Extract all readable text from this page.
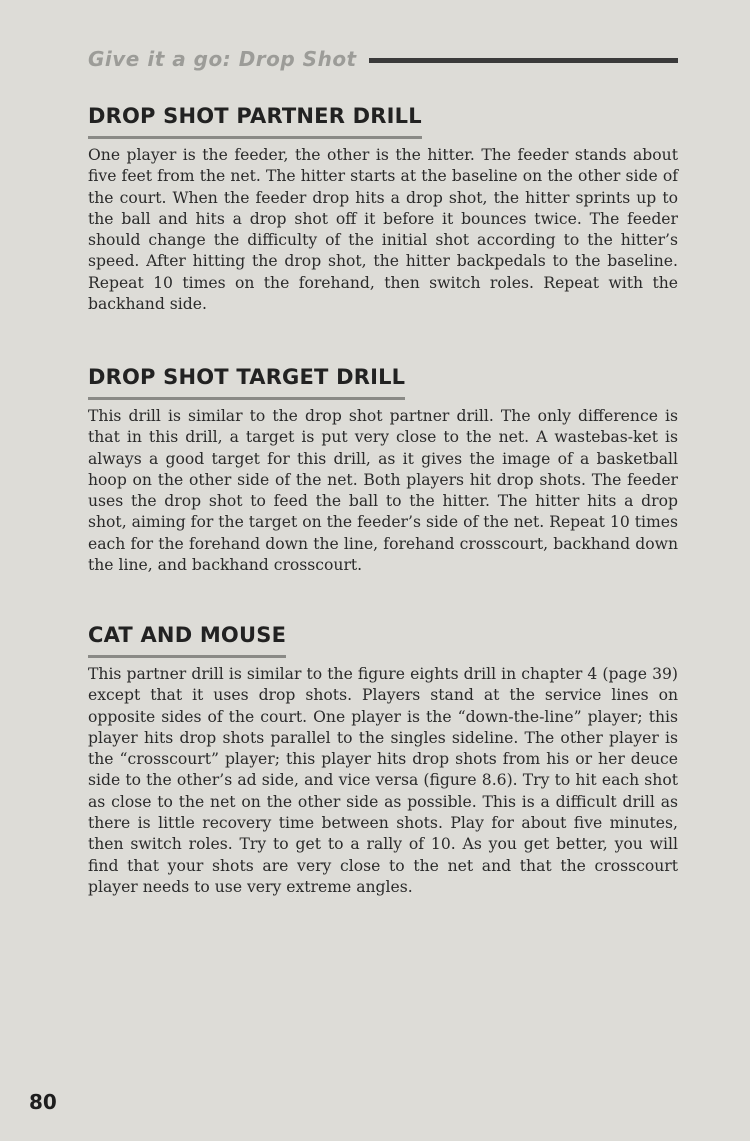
Give it a go: Drop Shot
DROP SHOT PARTNER DRILL

One player is the feeder, the other is the hitter. The feeder stands about five feet from the net. The hitter starts at the baseline on the other side of the court. When the feeder drop hits a drop shot, the hitter sprints up to the ball and hits a drop shot off it before it bounces twice. The feeder should change the difficulty of the initial shot according to the hitter’s speed. After hitting the drop shot, the hitter backpedals to the baseline. Repeat 10 times on the forehand, then switch roles. Repeat with the backhand side.

DROP SHOT TARGET DRILL

This drill is similar to the drop shot partner drill. The only difference is that in this drill, a target is put very close to the net. A wastebas-ket is always a good target for this drill, as it gives the image of a basketball hoop on the other side of the net. Both players hit drop shots. The feeder uses the drop shot to feed the ball to the hitter. The hitter hits a drop shot, aiming for the target on the feeder’s side of the net. Repeat 10 times each for the forehand down the line, forehand crosscourt, backhand down the line, and backhand crosscourt.

CAT AND MOUSE

This partner drill is similar to the figure eights drill in chapter 4 (page 39) except that it uses drop shots. Players stand at the service lines on opposite sides of the court. One player is the “down-the-line” player; this player hits drop shots parallel to the singles sideline. The other player is the “crosscourt” player; this player hits drop shots from his or her deuce side to the other’s ad side, and vice versa (figure 8.6). Try to hit each shot as close to the net on the other side as possible. This is a difficult drill as there is little recovery time between shots. Play for about five minutes, then switch roles. Try to get to a rally of 10. As you get better, you will find that your shots are very close to the net and that the crosscourt player needs to use very extreme angles.

80
